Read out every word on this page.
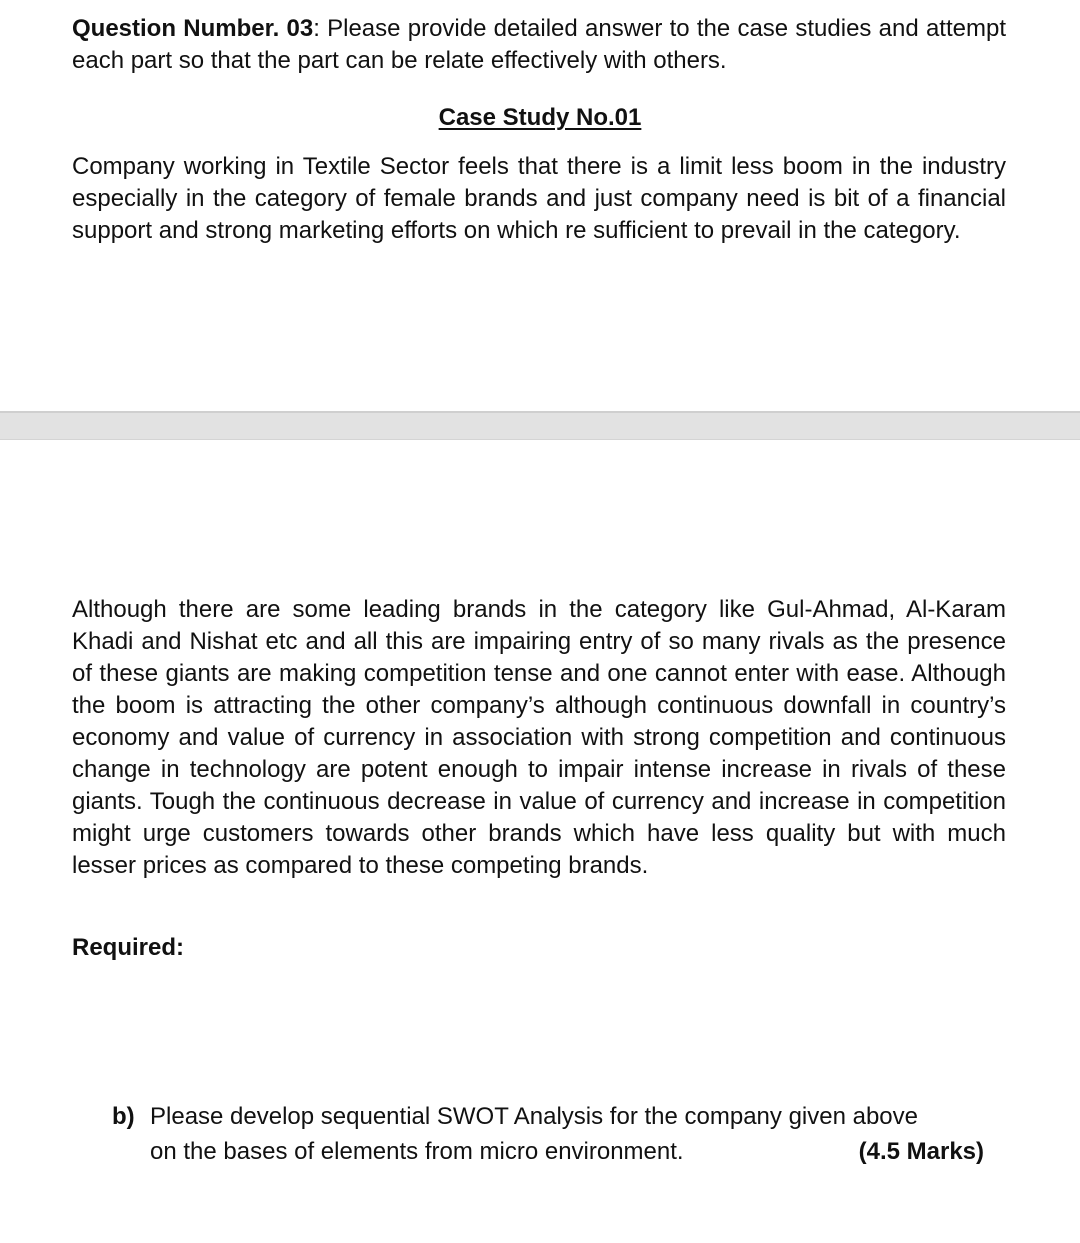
Question Number. 03: Please provide detailed answer to the case studies and attempt each part so that the part can be relate effectively with others.
Case Study No.01
Company working in Textile Sector feels that there is a limit less boom in the industry especially in the category of female brands and just company need is bit of a financial support and strong marketing efforts on which re sufficient to prevail in the category.
Although there are some leading brands in the category like Gul-Ahmad, Al-Karam Khadi and Nishat etc and all this are impairing entry of so many rivals as the presence of these giants are making competition tense and one cannot enter with ease. Although the boom is attracting the other company’s although continuous downfall in country’s economy and value of currency in association with strong competition and continuous change in technology are potent enough to impair intense increase in rivals of these giants. Tough the continuous decrease in value of currency and increase in competition might urge customers towards other brands which have less quality but with much lesser prices as compared to these competing brands.
Required:
b) Please develop sequential SWOT Analysis for the company given above
on the bases of elements from micro environment.	(4.5 Marks)
